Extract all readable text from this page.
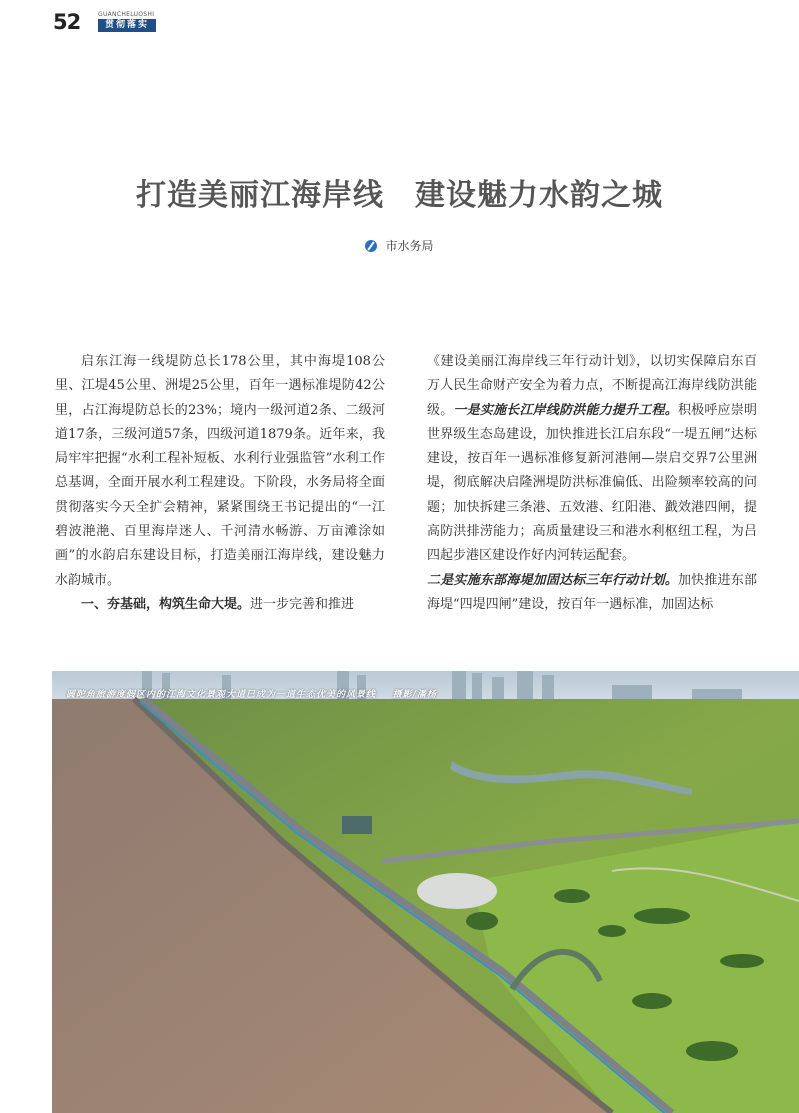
52	GUANCHELUOSHI
贯彻落实
打造美丽江海岸线　建设魅力水韵之城
市水务局

启东江海一线堤防总长178公里，其中海堤108公里、江堤45公里、洲堤25公里，百年一遇标准堤防42公里，占江海堤防总长的23%；境内一级河道2条、二级河道17条，三级河道57条，四级河道1879条。近年来，我局牢牢把握“水利工程补短板、水利行业强监管”水利工作总基调，全面开展水利工程建设。下阶段，水务局将全面贯彻落实今天全扩会精神，紧紧围绕王书记提出的“一江碧波滟滟、百里海岸迷人、千河清水畅游、万亩滩涂如画”的水韵启东建设目标，打造美丽江海岸线，建设魅力水韵城市。

一、夯基础，构筑生命大堤。进一步完善和推进

《建设美丽江海岸线三年行动计划》，以切实保障启东百万人民生命财产安全为着力点，不断提高江海岸线防洪能级。一是实施长江岸线防洪能力提升工程。积极呼应崇明世界级生态岛建设，加快推进长江启东段“一堤五闸”达标建设，按百年一遇标准修复新河港闸—崇启交界7公里洲堤，彻底解决启隆洲堤防洪标准偏低、出险频率较高的问题；加快拆建三条港、五效港、红阳港、戤效港四闸，提高防洪排涝能力；高质量建设三和港水利枢纽工程，为吕四起步港区建设作好内河转运配套。

二是实施东部海堤加固达标三年行动计划。加快推进东部海堤“四堤四闸”建设，按百年一遇标准，加固达标

圆陀角旅游度假区内的江海文化景观大道已成为一道生态优美的风景线 摄影/潘杨
